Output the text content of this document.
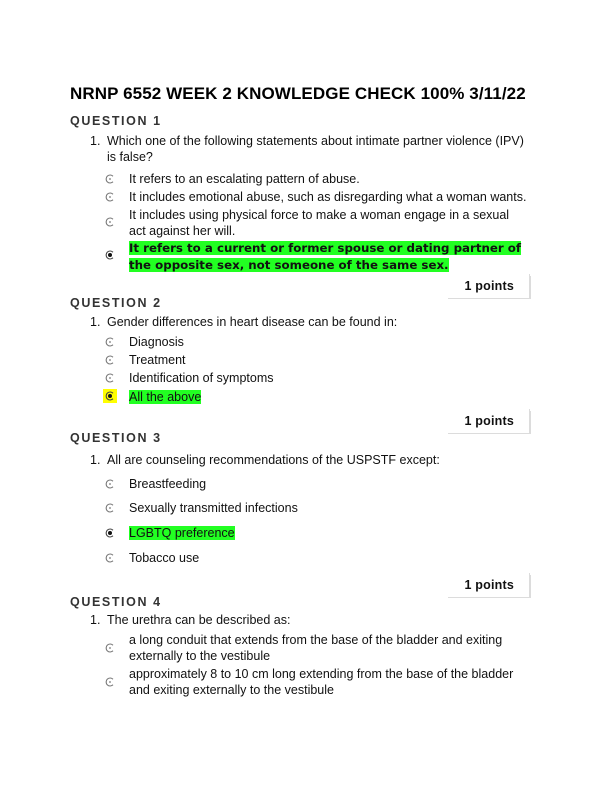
NRNP 6552 WEEK 2 KNOWLEDGE CHECK 100% 3/11/22
QUESTION 1
1. Which one of the following statements about intimate partner violence (IPV) is false?
It refers to an escalating pattern of abuse.
It includes emotional abuse, such as disregarding what a woman wants.
It includes using physical force to make a woman engage in a sexual act against her will.
It refers to a current or former spouse or dating partner of the opposite sex, not someone of the same sex.
1 points
QUESTION 2
1. Gender differences in heart disease can be found in:
Diagnosis
Treatment
Identification of symptoms
All the above
1 points
QUESTION 3
1. All are counseling recommendations of the USPSTF except:
Breastfeeding
Sexually transmitted infections
LGBTQ preference
Tobacco use
1 points
QUESTION 4
1. The urethra can be described as:
a long conduit that extends from the base of the bladder and exiting externally to the vestibule
approximately 8 to 10 cm long extending from the base of the bladder and exiting externally to the vestibule
